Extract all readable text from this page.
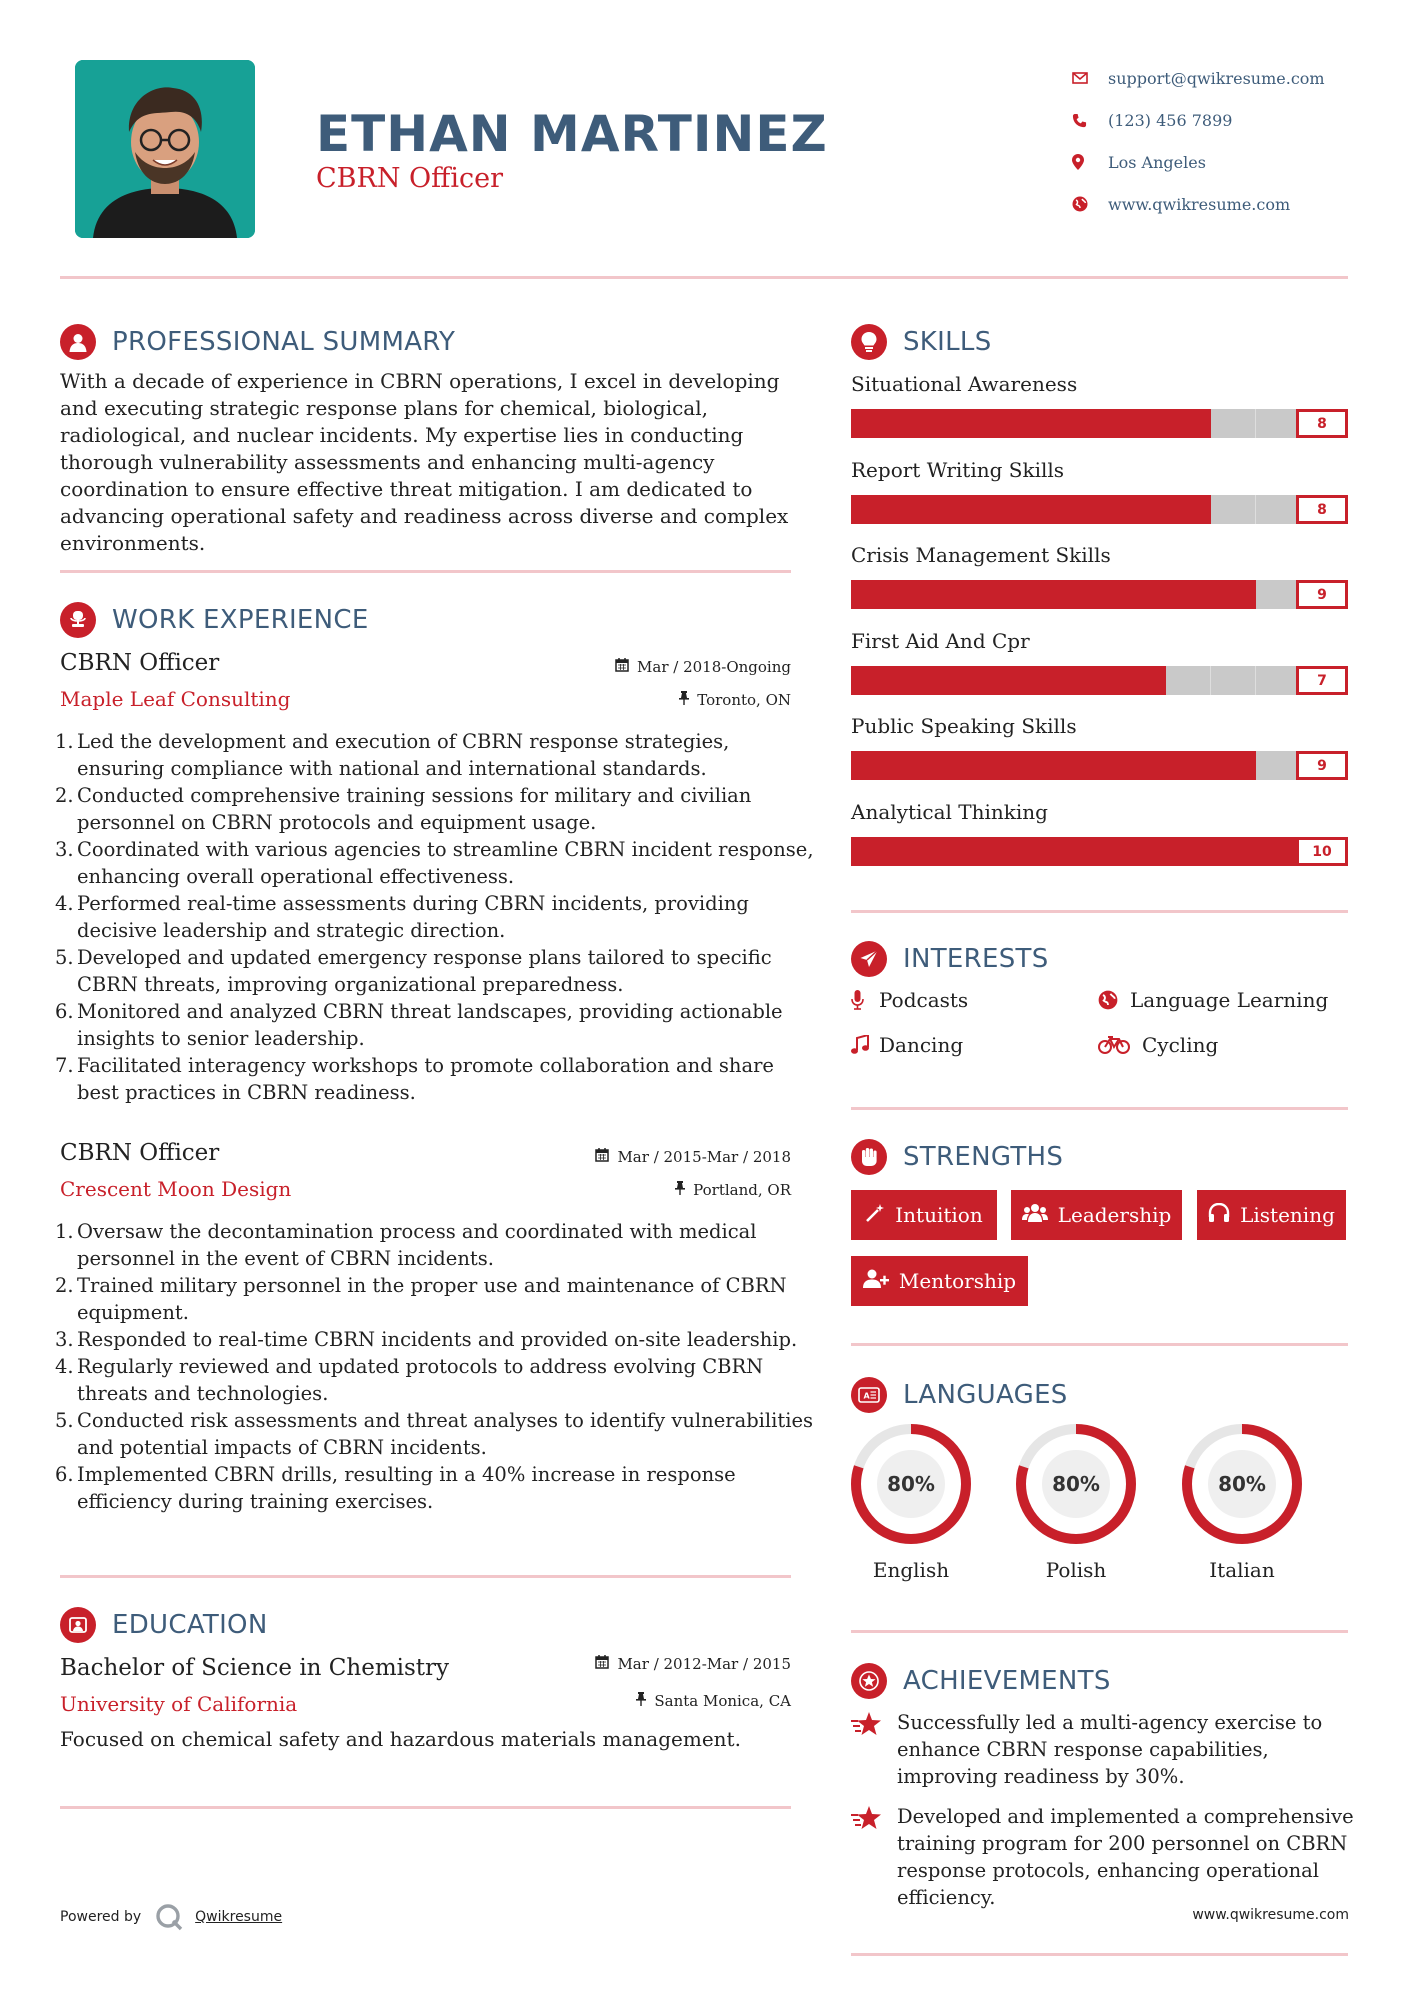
ETHAN MARTINEZ
CBRN Officer
support@qwikresume.com
(123) 456 7899
Los Angeles
www.qwikresume.com
PROFESSIONAL SUMMARY
With a decade of experience in CBRN operations, I excel in developing and executing strategic response plans for chemical, biological, radiological, and nuclear incidents. My expertise lies in conducting thorough vulnerability assessments and enhancing multi-agency coordination to ensure effective threat mitigation. I am dedicated to advancing operational safety and readiness across diverse and complex environments.
WORK EXPERIENCE
CBRN Officer
Maple Leaf Consulting
Mar / 2018-Ongoing
Toronto, ON
1. Led the development and execution of CBRN response strategies, ensuring compliance with national and international standards.
2. Conducted comprehensive training sessions for military and civilian personnel on CBRN protocols and equipment usage.
3. Coordinated with various agencies to streamline CBRN incident response, enhancing overall operational effectiveness.
4. Performed real-time assessments during CBRN incidents, providing decisive leadership and strategic direction.
5. Developed and updated emergency response plans tailored to specific CBRN threats, improving organizational preparedness.
6. Monitored and analyzed CBRN threat landscapes, providing actionable insights to senior leadership.
7. Facilitated interagency workshops to promote collaboration and share best practices in CBRN readiness.
CBRN Officer
Crescent Moon Design
Mar / 2015-Mar / 2018
Portland, OR
1. Oversaw the decontamination process and coordinated with medical personnel in the event of CBRN incidents.
2. Trained military personnel in the proper use and maintenance of CBRN equipment.
3. Responded to real-time CBRN incidents and provided on-site leadership.
4. Regularly reviewed and updated protocols to address evolving CBRN threats and technologies.
5. Conducted risk assessments and threat analyses to identify vulnerabilities and potential impacts of CBRN incidents.
6. Implemented CBRN drills, resulting in a 40% increase in response efficiency during training exercises.
EDUCATION
Bachelor of Science in Chemistry
University of California
Mar / 2012-Mar / 2015
Santa Monica, CA
Focused on chemical safety and hazardous materials management.
SKILLS
Situational Awareness
8
Report Writing Skills
8
Crisis Management Skills
9
First Aid And Cpr
7
Public Speaking Skills
9
Analytical Thinking
10
INTERESTS
Podcasts	Language Learning
Dancing	Cycling
STRENGTHS
Intuition	Leadership	Listening
Mentorship
A LANGUAGES
80%
English
80%
Polish
80%
Italian
ACHIEVEMENTS
Successfully led a multi-agency exercise to enhance CBRN response capabilities, improving readiness by 30%.
Developed and implemented a comprehensive training program for 200 personnel on CBRN response protocols, enhancing operational efficiency.
Powered by	Qwikresume	www.qwikresume.com
